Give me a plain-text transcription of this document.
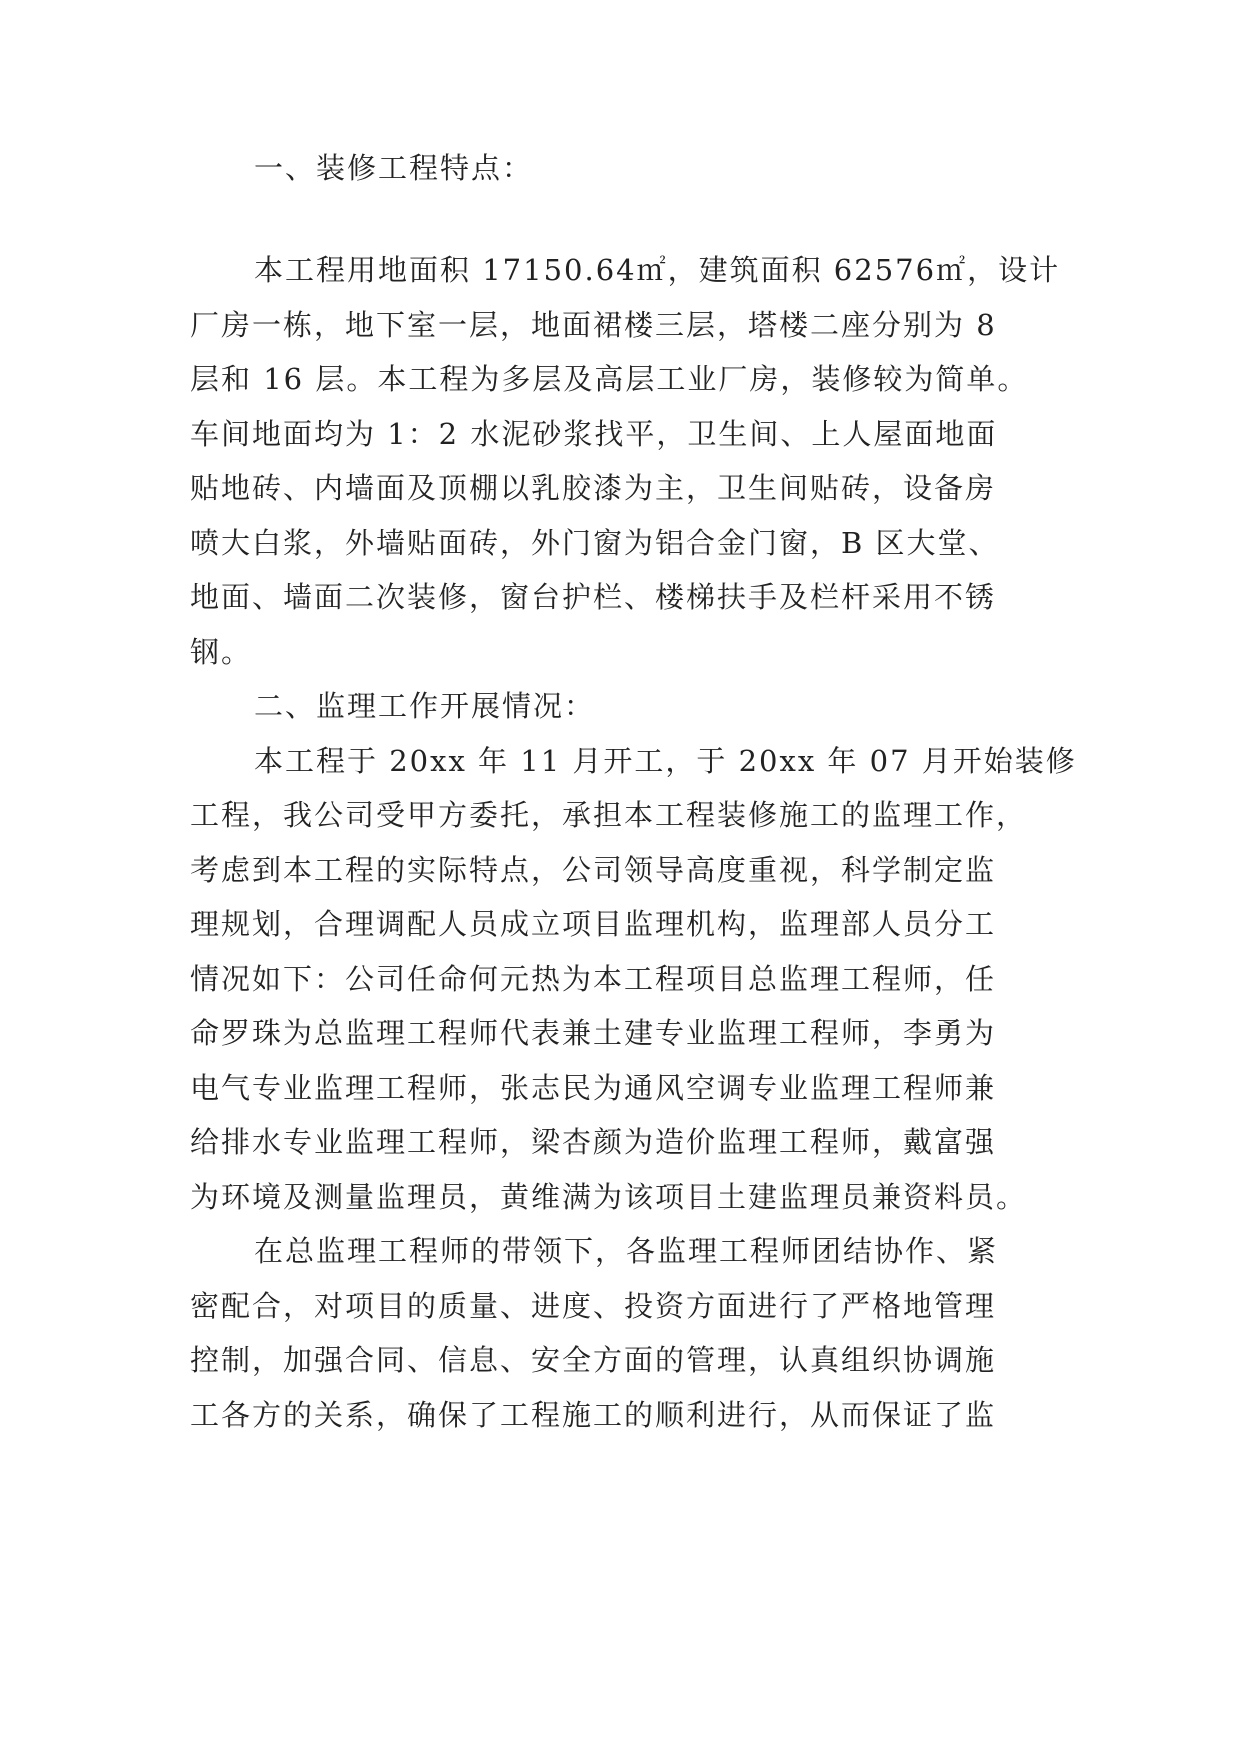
一、装修工程特点：
本工程用地面积 17150.64㎡，建筑面积 62576㎡，设计
厂房一栋，地下室一层，地面裙楼三层，塔楼二座分别为 8
层和 16 层。本工程为多层及高层工业厂房，装修较为简单。
车间地面均为 1：2 水泥砂浆找平，卫生间、上人屋面地面
贴地砖、内墙面及顶棚以乳胶漆为主，卫生间贴砖，设备房
喷大白浆，外墙贴面砖，外门窗为铝合金门窗，B 区大堂、
地面、墙面二次装修，窗台护栏、楼梯扶手及栏杆采用不锈
钢。
二、监理工作开展情况：
本工程于 20xx 年 11 月开工，于 20xx 年 07 月开始装修
工程，我公司受甲方委托，承担本工程装修施工的监理工作，
考虑到本工程的实际特点，公司领导高度重视，科学制定监
理规划，合理调配人员成立项目监理机构，监理部人员分工
情况如下：公司任命何元热为本工程项目总监理工程师，任
命罗珠为总监理工程师代表兼土建专业监理工程师，李勇为
电气专业监理工程师，张志民为通风空调专业监理工程师兼
给排水专业监理工程师，梁杏颜为造价监理工程师，戴富强
为环境及测量监理员，黄维满为该项目土建监理员兼资料员。
在总监理工程师的带领下，各监理工程师团结协作、紧
密配合，对项目的质量、进度、投资方面进行了严格地管理
控制，加强合同、信息、安全方面的管理，认真组织协调施
工各方的关系，确保了工程施工的顺利进行，从而保证了监
